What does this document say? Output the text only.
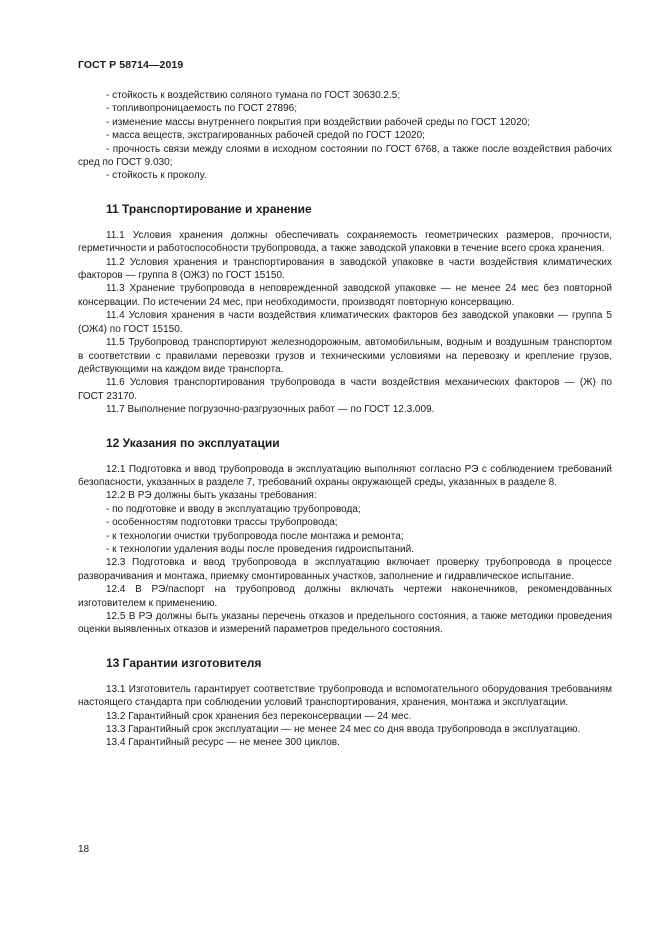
ГОСТ Р 58714—2019
- стойкость к воздействию соляного тумана по ГОСТ 30630.2.5;
- топливопроницаемость по ГОСТ 27896;
- изменение массы внутреннего покрытия при воздействии рабочей среды по ГОСТ 12020;
- масса веществ, экстрагированных рабочей средой по ГОСТ 12020;
- прочность связи между слоями в исходном состоянии по ГОСТ 6768, а также после воздействия рабочих сред по ГОСТ 9.030;
- стойкость к проколу.
11 Транспортирование и хранение

11.1 Условия хранения должны обеспечивать сохраняемость геометрических размеров, прочности, герметичности и работоспособности трубопровода, а также заводской упаковки в течение всего срока хранения.

11.2 Условия хранения и транспортирования в заводской упаковке в части воздействия климатических факторов — группа 8 (ОЖЗ) по ГОСТ 15150.

11.3 Хранение трубопровода в неповрежденной заводской упаковке — не менее 24 мес без повторной консервации. По истечении 24 мес, при необходимости, производят повторную консервацию.

11.4 Условия хранения в части воздействия климатических факторов без заводской упаковки — группа 5 (ОЖ4) по ГОСТ 15150.

11.5 Трубопровод транспортируют железнодорожным, автомобильным, водным и воздушным транспортом в соответствии с правилами перевозки грузов и техническими условиями на перевозку и крепление грузов, действующими на каждом виде транспорта.

11.6 Условия транспортирования трубопровода в части воздействия механических факторов — (Ж) по ГОСТ 23170.

11.7 Выполнение погрузочно-разгрузочных работ — по ГОСТ 12.3.009.

12 Указания по эксплуатации

12.1 Подготовка и ввод трубопровода в эксплуатацию выполняют согласно РЭ с соблюдением требований безопасности, указанных в разделе 7, требований охраны окружающей среды, указанных в разделе 8.

12.2 В РЭ должны быть указаны требования:

- по подготовке и вводу в эксплуатацию трубопровода;
- особенностям подготовки трассы трубопровода;
- к технологии очистки трубопровода после монтажа и ремонта;
- к технологии удаления воды после проведения гидроиспытаний.

12.3 Подготовка и ввод трубопровода в эксплуатацию включает проверку трубопровода в процессе разворачивания и монтажа, приемку смонтированных участков, заполнение и гидравлическое испытание.

12.4 В РЭ/паспорт на трубопровод должны включать чертежи наконечников, рекомендованных изготовителем к применению.

12.5 В РЭ должны быть указаны перечень отказов и предельного состояния, а также методики проведения оценки выявленных отказов и измерений параметров предельного состояния.

13 Гарантии изготовителя

13.1 Изготовитель гарантирует соответствие трубопровода и вспомогательного оборудования требованиям настоящего стандарта при соблюдении условий транспортирования, хранения, монтажа и эксплуатации.

13.2 Гарантийный срок хранения без переконсервации — 24 мес.

13.3 Гарантийный срок эксплуатации — не менее 24 мес со дня ввода трубопровода в эксплуатацию.

13.4 Гарантийный ресурс — не менее 300 циклов.

18
